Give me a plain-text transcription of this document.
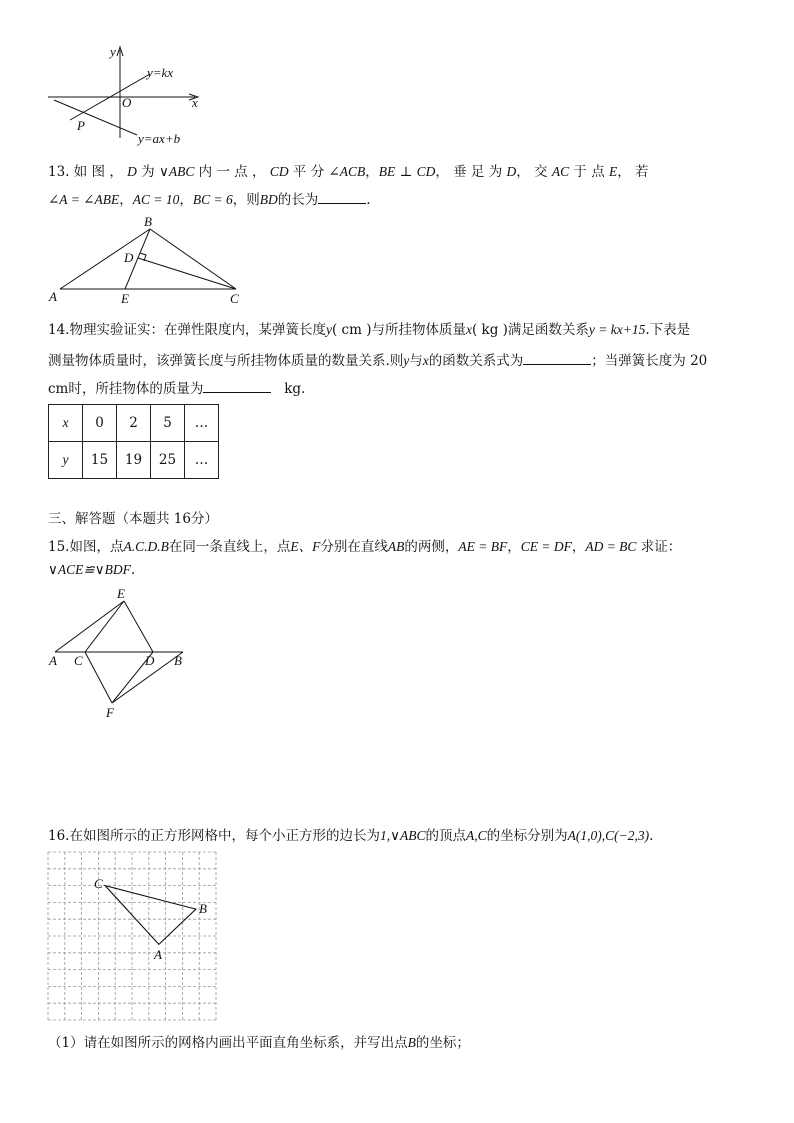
y
x
O
P
y=kx
y=ax+b
13. 如 图 ， D 为 ∨ABC 内 一 点 ， CD 平 分 ∠ACB，BE ⊥ CD， 垂 足 为 D， 交 AC 于 点 E， 若
∠A = ∠ABE，AC = 10，BC = 6，则BD的长为	.
A
B
C
D
E
14.物理实验证实：在弹性限度内，某弹簧长度y( cm )与所挂物体质量x( kg )满足函数关系y = kx+15.下表是
测量物体质量时，该弹簧长度与所挂物体质量的数量关系.则y与x的函数关系式为	；当弹簧长度为 20
cm时，所挂物体的质量为	kg.
x	0	2	5	…
y	15	19	25	…
三、解答题（本题共 16分）
15.如图，点A.C.D.B在同一条直线上，点E、F分别在直线AB的两侧，AE = BF，CE = DF，AD = BC 求证：
∨ACE≌∨BDF.
A C	D B
E
F
16.在如图所示的正方形网格中，每个小正方形的边长为1,∨ABC的顶点A,C的坐标分别为A(1,0),C(−2,3).
C
B
A
（1）请在如图所示的网格内画出平面直角坐标系，并写出点B的坐标；
